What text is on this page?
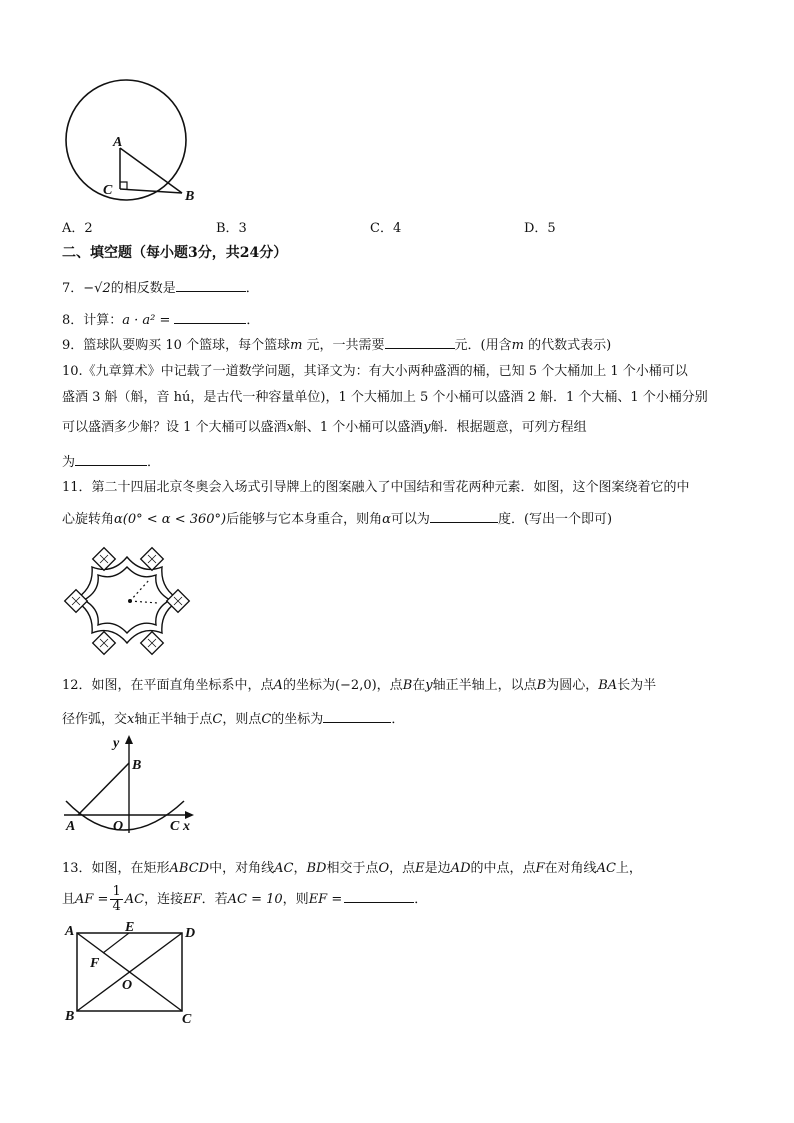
A
C	B
A．2	B．3	C．4	D．5
二、填空题（每小题3分，共24分）
7．−√2的相反数是	．
8．计算：a · a² =	．
9．篮球队要购买 10 个篮球，每个篮球m 元，一共需要	元．(用含m 的代数式表示)
10.《九章算术》中记载了一道数学问题，其译文为：有大小两种盛酒的桶，已知 5 个大桶加上 1 个小桶可以
盛酒 3 斛（斛，音 hú，是古代一种容量单位)，1 个大桶加上 5 个小桶可以盛酒 2 斛．1 个大桶、1 个小桶分别
可以盛酒多少斛？设 1 个大桶可以盛酒x斛、1 个小桶可以盛酒y斛．根据题意，可列方程组
为	．
11．第二十四届北京冬奥会入场式引导牌上的图案融入了中国结和雪花两种元素．如图，这个图案绕着它的中
心旋转角α(0° < α < 360°)后能够与它本身重合，则角α可以为	度．(写出一个即可)
12．如图，在平面直角坐标系中，点A的坐标为(−2,0)，点B在y轴正半轴上，以点B为圆心，BA长为半
径作弧，交x轴正半轴于点C，则点C的坐标为	．
y
B
A	O	C x
13．如图，在矩形ABCD中，对角线AC，BD相交于点O，点E是边AD的中点，点F在对角线AC上，
且AF = $\frac{1}{4}$ AC，连接EF．若AC = 10，则EF =	．
A	E	D
F
O
B	C
